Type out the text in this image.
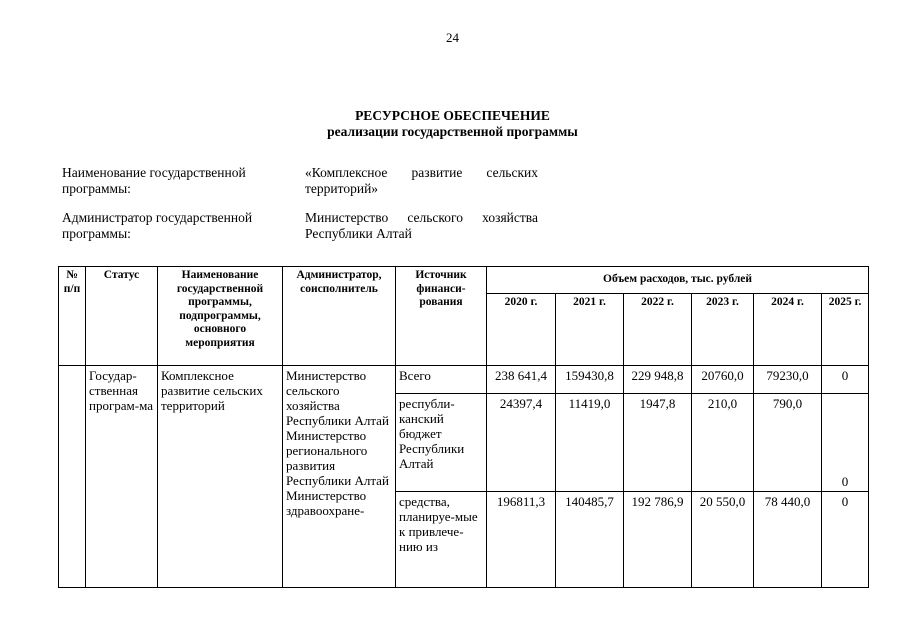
24
РЕСУРСНОЕ ОБЕСПЕЧЕНИЕ
реализации государственной программы
Наименование государственной программы:
«Комплексное развитие сельских территорий»
Администратор государственной программы:
Министерство сельского хозяйства Республики Алтай
№ п/п	Статус	Наименование государственной программы, подпрограммы, основного мероприятия	Администратор, соисполнитель	Источник финанси-рования	Объем расходов, тыс. рублей					
					2020 г.	2021 г.	2022 г.	2023 г.	2024 г.	2025 г.
	Государ-ственная програм-ма	Комплексное развитие сельских территорий	Министерство сельского хозяйства Республики Алтай Министерство регионального развития Республики Алтай Министерство здравоохране-	Всего	238 641,4	159430,8	229 948,8	20760,0	79230,0	0
				республи-канский бюджет Республики Алтай	24397,4	11419,0	1947,8	210,0	790,0	0
				средства, планируе-мые к привлече-нию из	196811,3	140485,7	192 786,9	20 550,0	78 440,0	0
